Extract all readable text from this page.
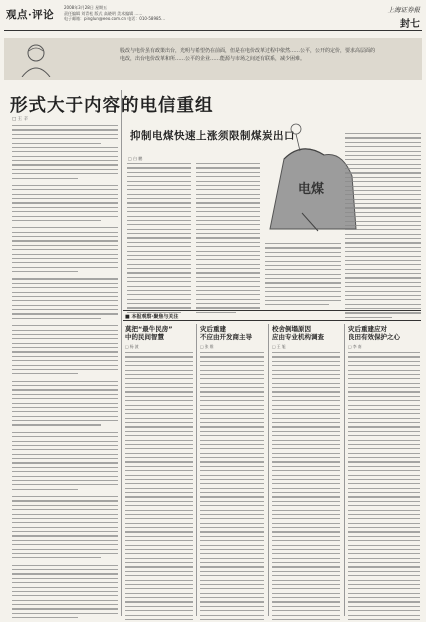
观点·评论
2008年3月28日 星期五
责任编辑 刘青松 版式 高晓明 美术编辑 ……
电子邮箱：pinglun@eeo.com.cn 电话：010-58985…
上海证券报
封七
股改与电价虽有政策出台，光明与希望仍在前面，但是在电价改革过程中依然……公平，公开的定价，要求高层面的
电改，出台电价改革和所……公平的企业……能源与市场之间还有联系，减少困难。
形式大于内容的电信重组
□ 王 辛
抑制电煤快速上涨须限制煤炭出口
□ 白 鹏
电煤
■ 本报观察·聚焦与关注
莫把“最牛民房”
中的民间智慧
□ 杨 波
灾后重建
不应由开发商主导
□ 张 维
校舍倒塌原因
应由专业机构调查
□ 王 旭
灾后重建应对
良田有效保护之心
□ 李 南
